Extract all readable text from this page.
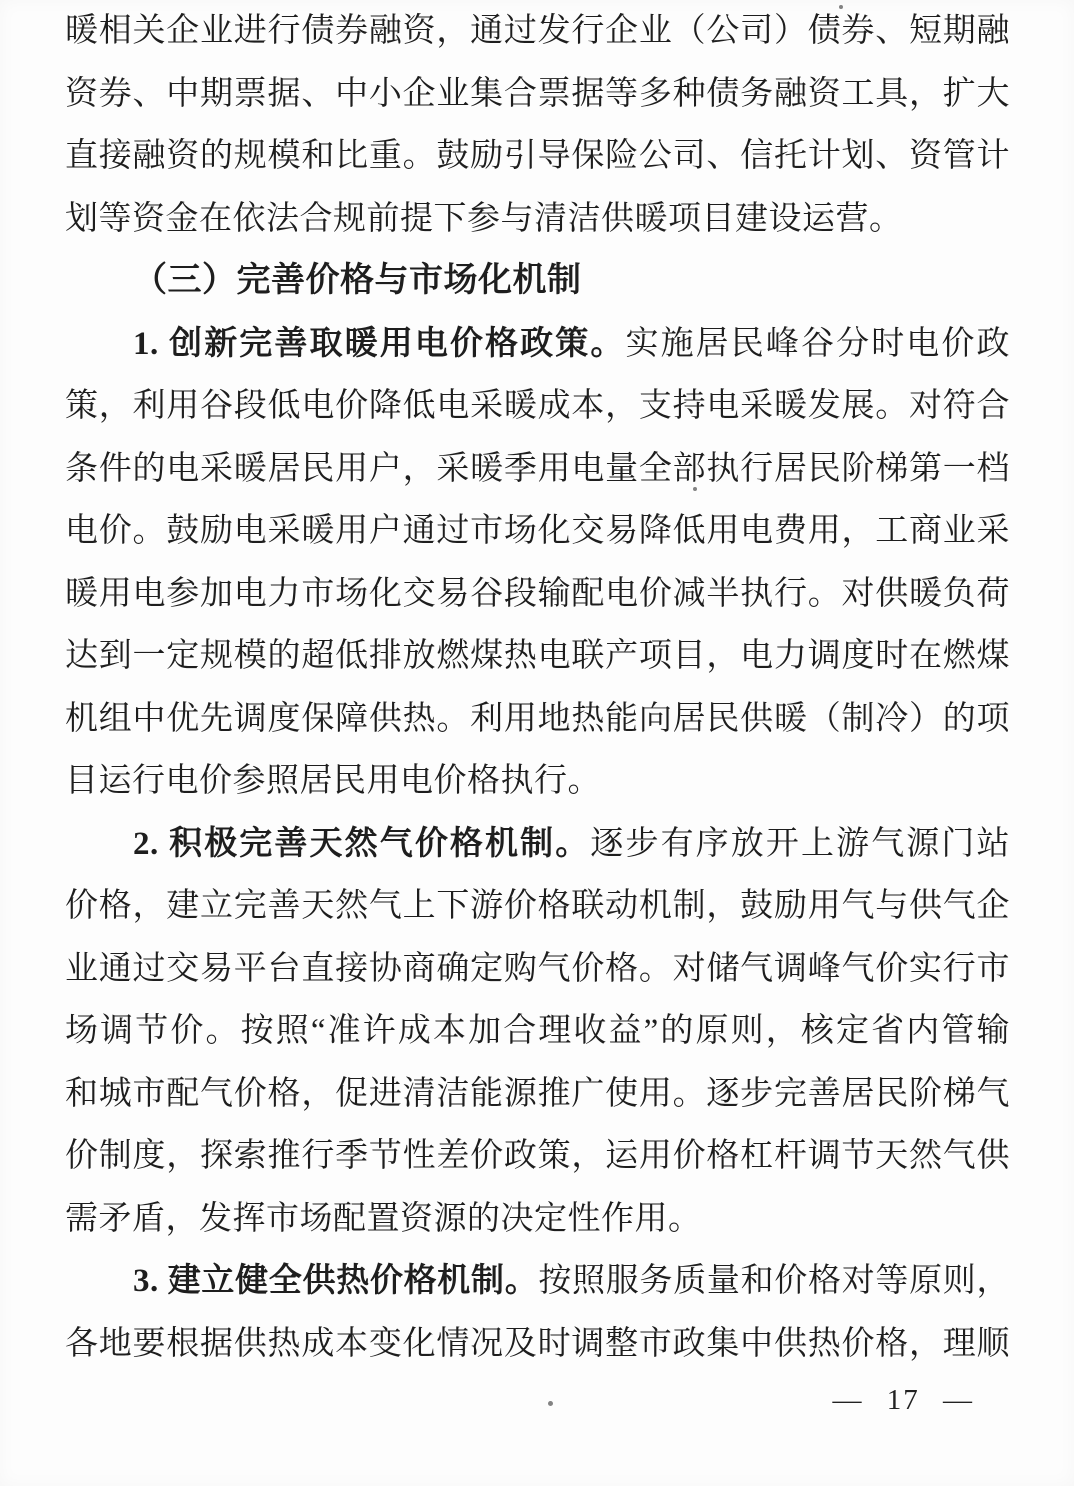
暖相关企业进行债券融资，通过发行企业（公司）债券、短期融
资券、中期票据、中小企业集合票据等多种债务融资工具，扩大
直接融资的规模和比重。鼓励引导保险公司、信托计划、资管计
划等资金在依法合规前提下参与清洁供暖项目建设运营。
（三）完善价格与市场化机制
1. 创新完善取暖用电价格政策。实施居民峰谷分时电价政
策，利用谷段低电价降低电采暖成本，支持电采暖发展。对符合
条件的电采暖居民用户，采暖季用电量全部执行居民阶梯第一档
电价。鼓励电采暖用户通过市场化交易降低用电费用，工商业采
暖用电参加电力市场化交易谷段输配电价减半执行。对供暖负荷
达到一定规模的超低排放燃煤热电联产项目，电力调度时在燃煤
机组中优先调度保障供热。利用地热能向居民供暖（制冷）的项
目运行电价参照居民用电价格执行。
2. 积极完善天然气价格机制。逐步有序放开上游气源门站
价格，建立完善天然气上下游价格联动机制，鼓励用气与供气企
业通过交易平台直接协商确定购气价格。对储气调峰气价实行市
场调节价。按照“准许成本加合理收益”的原则，核定省内管输
和城市配气价格，促进清洁能源推广使用。逐步完善居民阶梯气
价制度，探索推行季节性差价政策，运用价格杠杆调节天然气供
需矛盾，发挥市场配置资源的决定性作用。
3. 建立健全供热价格机制。按照服务质量和价格对等原则，
各地要根据供热成本变化情况及时调整市政集中供热价格，理顺
— 17 —
